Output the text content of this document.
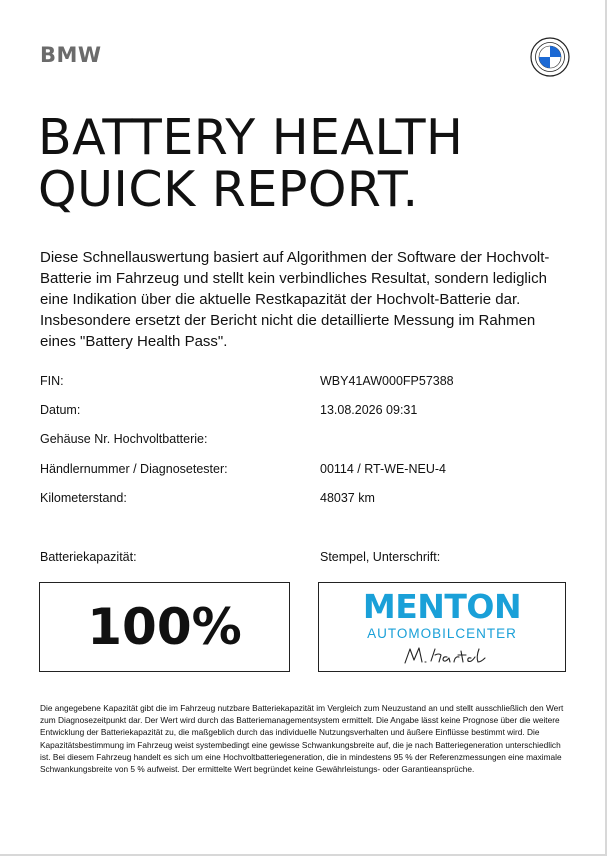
BMW
BATTERY HEALTH
QUICK REPORT.

Diese Schnellauswertung basiert auf Algorithmen der Software der Hochvolt-Batterie im Fahrzeug und stellt kein verbindliches Resultat, sondern lediglich eine Indikation über die aktuelle Restkapazität der Hochvolt-Batterie dar. Insbesondere ersetzt der Bericht nicht die detaillierte Messung im Rahmen eines "Battery Health Pass".

FIN:	WBY41AW000FP57388
Datum:	13.08.2026 09:31
Gehäuse Nr. Hochvoltbatterie:
Händlernummer / Diagnosetester:	00114 / RT-WE-NEU-4
Kilometerstand:	48037 km
Batteriekapazität:	Stempel, Unterschrift:
100%	MENTON
AUTOMOBILCENTER

Die angegebene Kapazität gibt die im Fahrzeug nutzbare Batteriekapazität im Vergleich zum Neuzustand an und stellt ausschließlich den Wert zum Diagnosezeitpunkt dar. Der Wert wird durch das Batteriemanagementsystem ermittelt. Die Angabe lässt keine Prognose über die weitere Entwicklung der Batteriekapazität zu, die maßgeblich durch das individuelle Nutzungsverhalten und äußere Einflüsse bestimmt wird. Die Kapazitätsbestimmung im Fahrzeug weist systembedingt eine gewisse Schwankungsbreite auf, die je nach Batteriegeneration unterschiedlich ist. Bei diesem Fahrzeug handelt es sich um eine Hochvoltbatteriegeneration, die in mindestens 95 % der Referenzmessungen eine maximale Schwankungsbreite von 5 % aufweist. Der ermittelte Wert begründet keine Gewährleistungs- oder Garantieansprüche.
